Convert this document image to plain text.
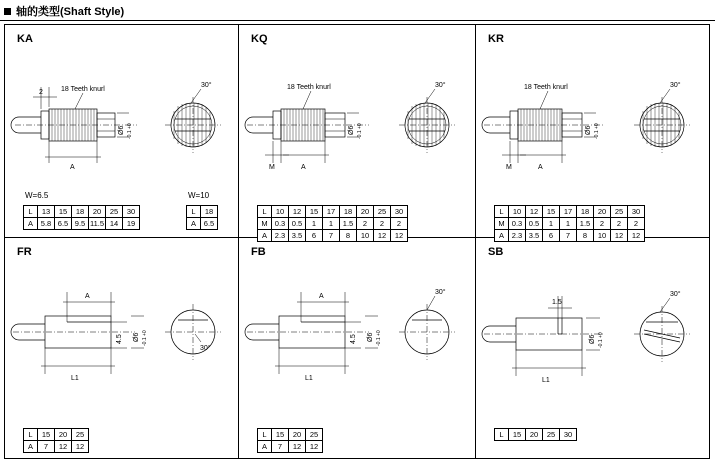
轴的类型(Shaft Style)
KA
2	18 Teeth knurl
Ø6 +0
-0.1
A
30°
W=6.5	W=10
L	13	15	18	20	25	30
A	5.8	6.5	9.5	11.5	14	19
L	18
A	6.5
KQ
18 Teeth knurl
Ø6 +0
-0.1
M	A
30°
L	10	12	15	17	18	20	25	30
M	0.3	0.5	1	1	1.5	2	2	2
A	2.3	3.5	6	7	8	10	12	12
KR
18 Teeth knurl
Ø6 +0
-0.1
M	A
30°
L	10	12	15	17	18	20	25	30
M	0.3	0.5	1	1	1.5	2	2	2
A	2.3	3.5	6	7	8	10	12	12
FR
A
4.5 Ø6 +0
-0.1
L1
30°
L	15	20	25
A	7	12	12
FB
A
4.5 Ø6 +0
-0.1
L1
30°
L	15	20	25
A	7	12	12
SB
1.5
Ø6 +0
-0.1
L1
30°
L	15	20	25	30
